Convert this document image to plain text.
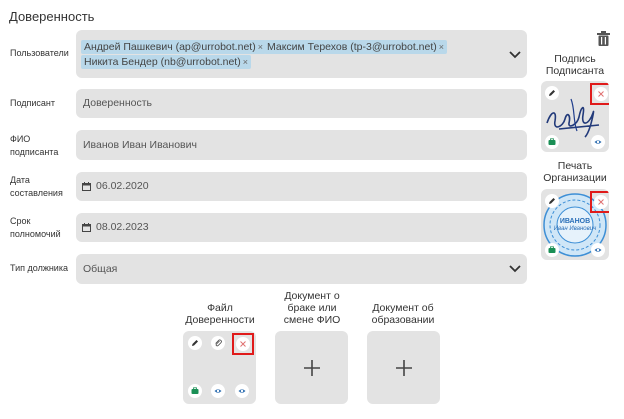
Доверенность
Пользователи Андрей Пашкевич (ap@urrobot.net) × Максим Терехов (tp-3@urrobot.net) ×
Никита Бендер (nb@urrobot.net) ×
Подписант	Доверенность
ФИО
подписанта
Иванов Иван Иванович
Дата
составления
06.02.2020
Срок
полномочий
08.02.2023
Тип должника Общая
Подпись
Подписанта
Печать
Организации
ИВАНОВ
Иван Иванович
Файл
Доверенности
Документ о
браке или
смене ФИО
Документ об
образовании
